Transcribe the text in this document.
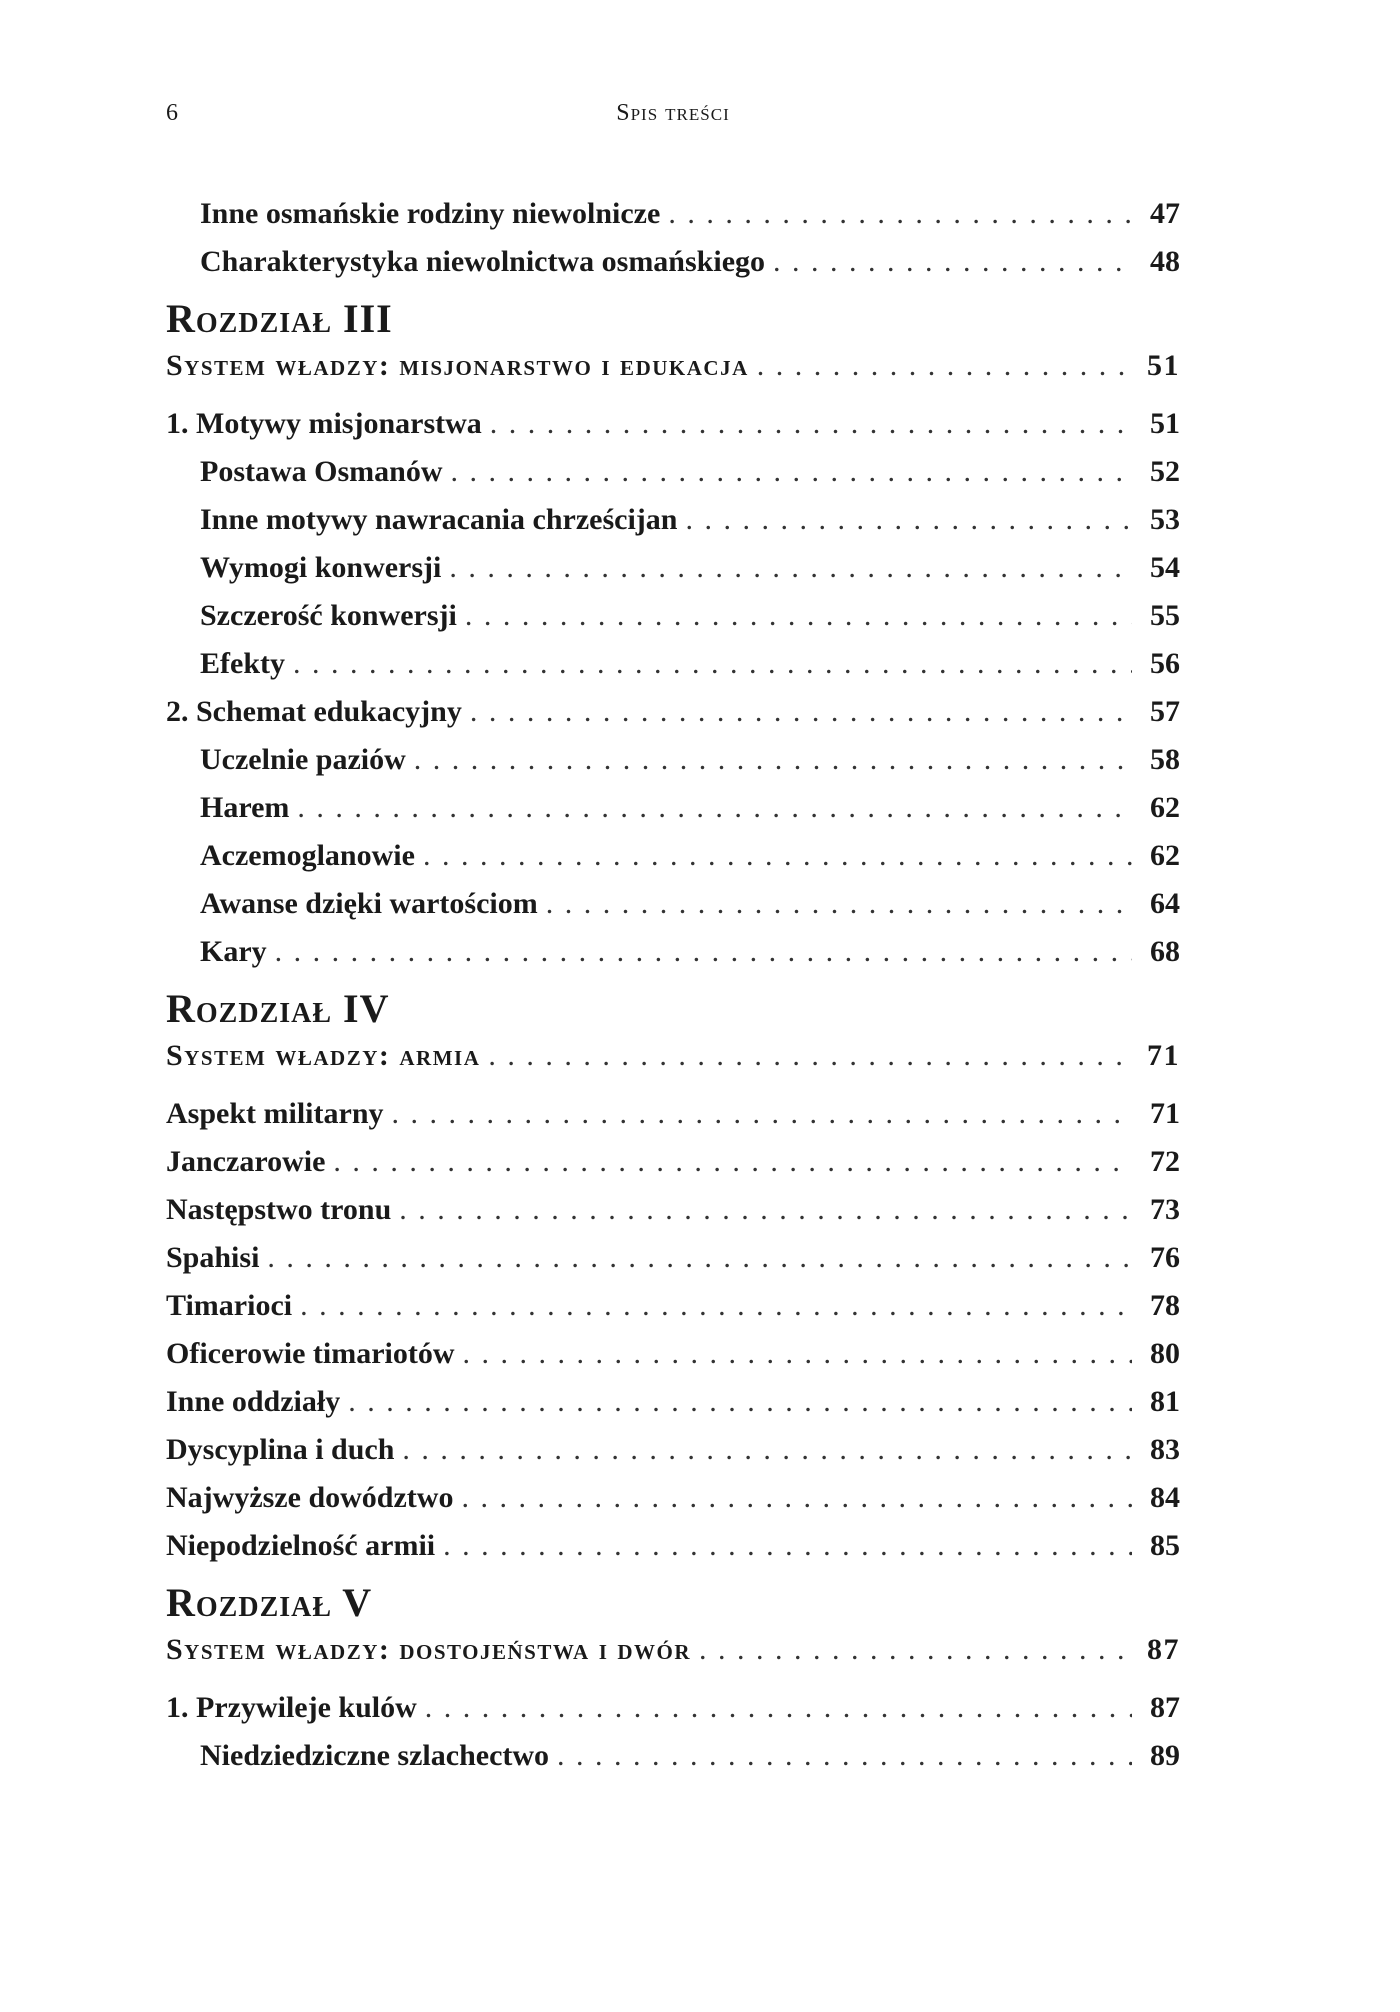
6	Spis treści
Inne osmańskie rodziny niewolnicze . . .	47
Charakterystyka niewolnictwa osmańskiego . . .	48
Rozdział III
System władzy: misjonarstwo i edukacja . . .	51
1. Motywy misjonarstwa . . .	51
Postawa Osmanów . . .	52
Inne motywy nawracania chrześcijan . . .	53
Wymogi konwersji . . .	54
Szczerość konwersji . . .	55
Efekty . . .	56
2. Schemat edukacyjny . . .	57
Uczelnie paziów . . .	58
Harem . . .	62
Aczemoglanowie . . .	62
Awanse dzięki wartościom . . .	64
Kary . . .	68
Rozdział IV
System władzy: armia . . .	71
Aspekt militarny . . .	71
Janczarowie . . .	72
Następstwo tronu . . .	73
Spahisi . . .	76
Timarioci . . .	78
Oficerowie timariotów . . .	80
Inne oddziały . . .	81
Dyscyplina i duch . . .	83
Najwyższe dowództwo . . .	84
Niepodzielność armii . . .	85
Rozdział V
System władzy: dostojeństwa i dwór . . .	87
1. Przywileje kulów . . .	87
Niedziedziczne szlachectwo . . .	89
